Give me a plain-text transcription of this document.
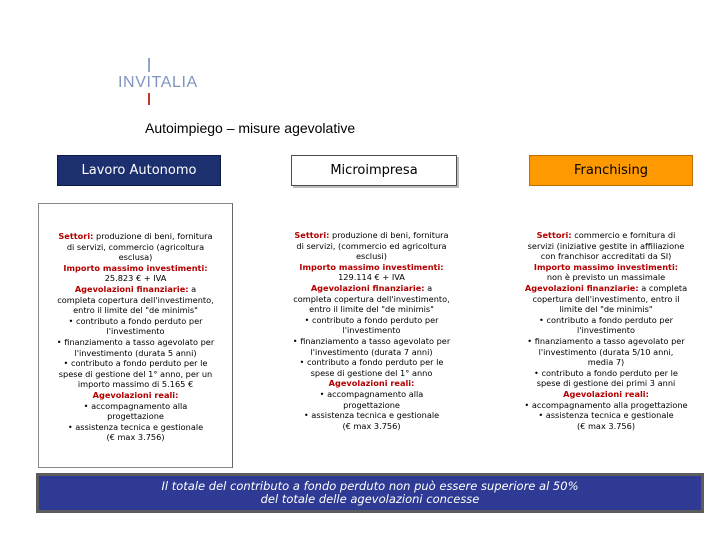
INVITALIA
Autoimpiego – misure agevolative
Lavoro Autonomo	Microimpresa	Franchising
Settori: produzione di beni, fornitura
di servizi, commercio (agricoltura
esclusa)
Importo massimo investimenti:
25.823 € + IVA
Agevolazioni finanziarie: a
completa copertura dell'investimento,
entro il limite del "de minimis"
• contributo a fondo perduto per
l'investimento
• finanziamento a tasso agevolato per
l'investimento (durata 5 anni)
• contributo a fondo perduto per le
spese di gestione del 1° anno, per un
importo massimo di 5.165 €
Agevolazioni reali:
• accompagnamento alla
progettazione
• assistenza tecnica e gestionale
(€ max 3.756)
Settori: produzione di beni, fornitura
di servizi, (commercio ed agricoltura
esclusi)
Importo massimo investimenti:
129.114 € + IVA
Agevolazioni finanziarie: a
completa copertura dell'investimento,
entro il limite del "de minimis"
• contributo a fondo perduto per
l'investimento
• finanziamento a tasso agevolato per
l'investimento (durata 7 anni)
• contributo a fondo perduto per le
spese di gestione del 1° anno
Agevolazioni reali:
• accompagnamento alla
progettazione
• assistenza tecnica e gestionale
(€ max 3.756)
Settori: commercio e fornitura di
servizi (iniziative gestite in affiliazione
con franchisor accreditati da SI)
Importo massimo investimenti:
non è previsto un massimale
Agevolazioni finanziarie: a completa
copertura dell'investimento, entro il
limite del "de minimis"
• contributo a fondo perduto per
l'investimento
• finanziamento a tasso agevolato per
l'investimento (durata 5/10 anni,
media 7)
• contributo a fondo perduto per le
spese di gestione dei primi 3 anni
Agevolazioni reali:
• accompagnamento alla progettazione
• assistenza tecnica e gestionale
(€ max 3.756)
Il totale del contributo a fondo perduto non può essere superiore al 50%
del totale delle agevolazioni concesse
